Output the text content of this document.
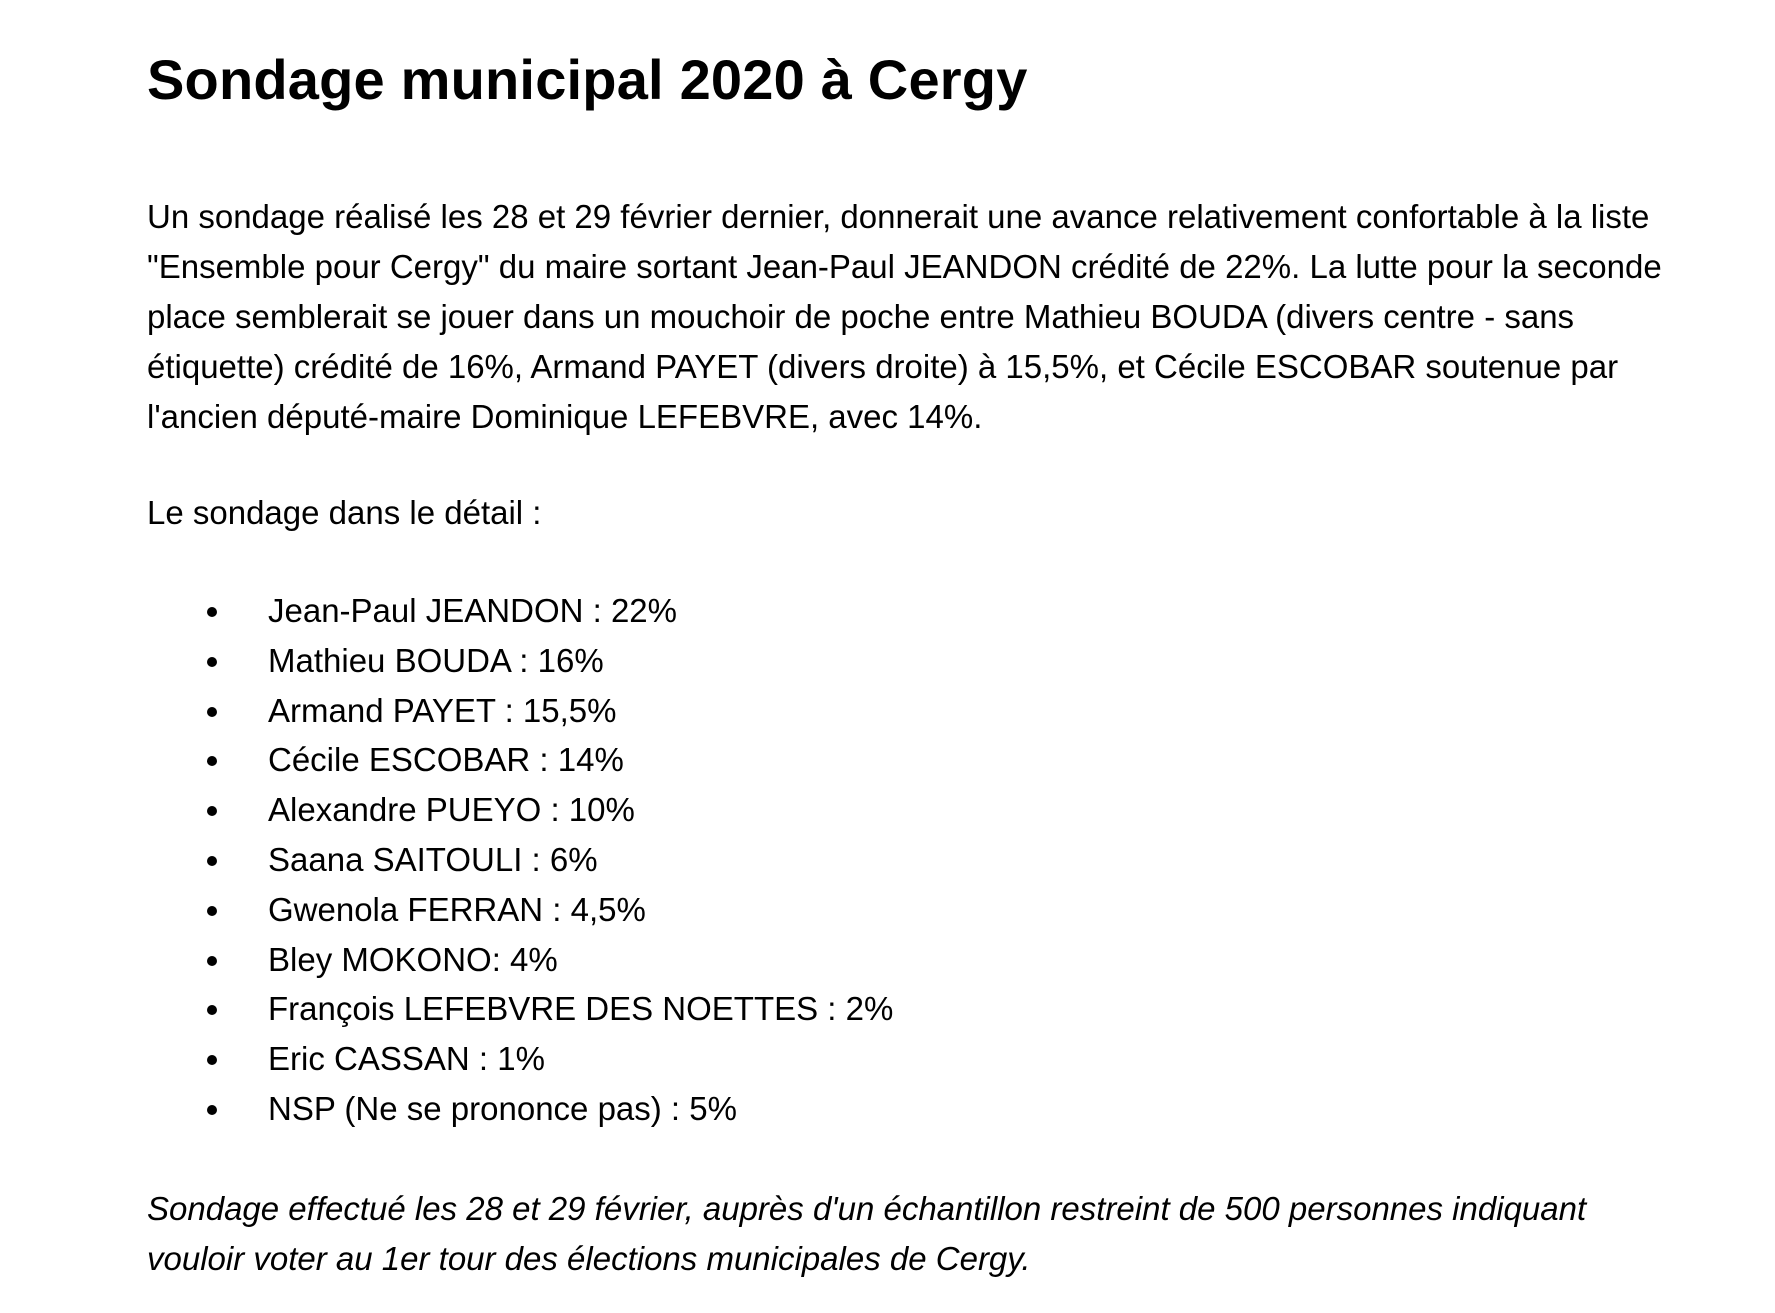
Sondage municipal 2020 à Cergy

Un sondage réalisé les 28 et 29 février dernier, donnerait une avance relativement confortable à la liste "Ensemble pour Cergy" du maire sortant Jean-Paul JEANDON crédité de 22%. La lutte pour la seconde place semblerait se jouer dans un mouchoir de poche entre Mathieu BOUDA (divers centre - sans étiquette) crédité de 16%, Armand PAYET (divers droite) à 15,5%, et Cécile ESCOBAR soutenue par l'ancien député-maire Dominique LEFEBVRE, avec 14%.

Le sondage dans le détail :

Jean-Paul JEANDON : 22%
Mathieu BOUDA : 16%
Armand PAYET : 15,5%
Cécile ESCOBAR : 14%
Alexandre PUEYO : 10%
Saana SAITOULI : 6%
Gwenola FERRAN : 4,5%
Bley MOKONO: 4%
François LEFEBVRE DES NOETTES : 2%
Eric CASSAN : 1%
NSP (Ne se prononce pas) : 5%

Sondage effectué les 28 et 29 février, auprès d'un échantillon restreint de 500 personnes indiquant vouloir voter au 1er tour des élections municipales de Cergy.
